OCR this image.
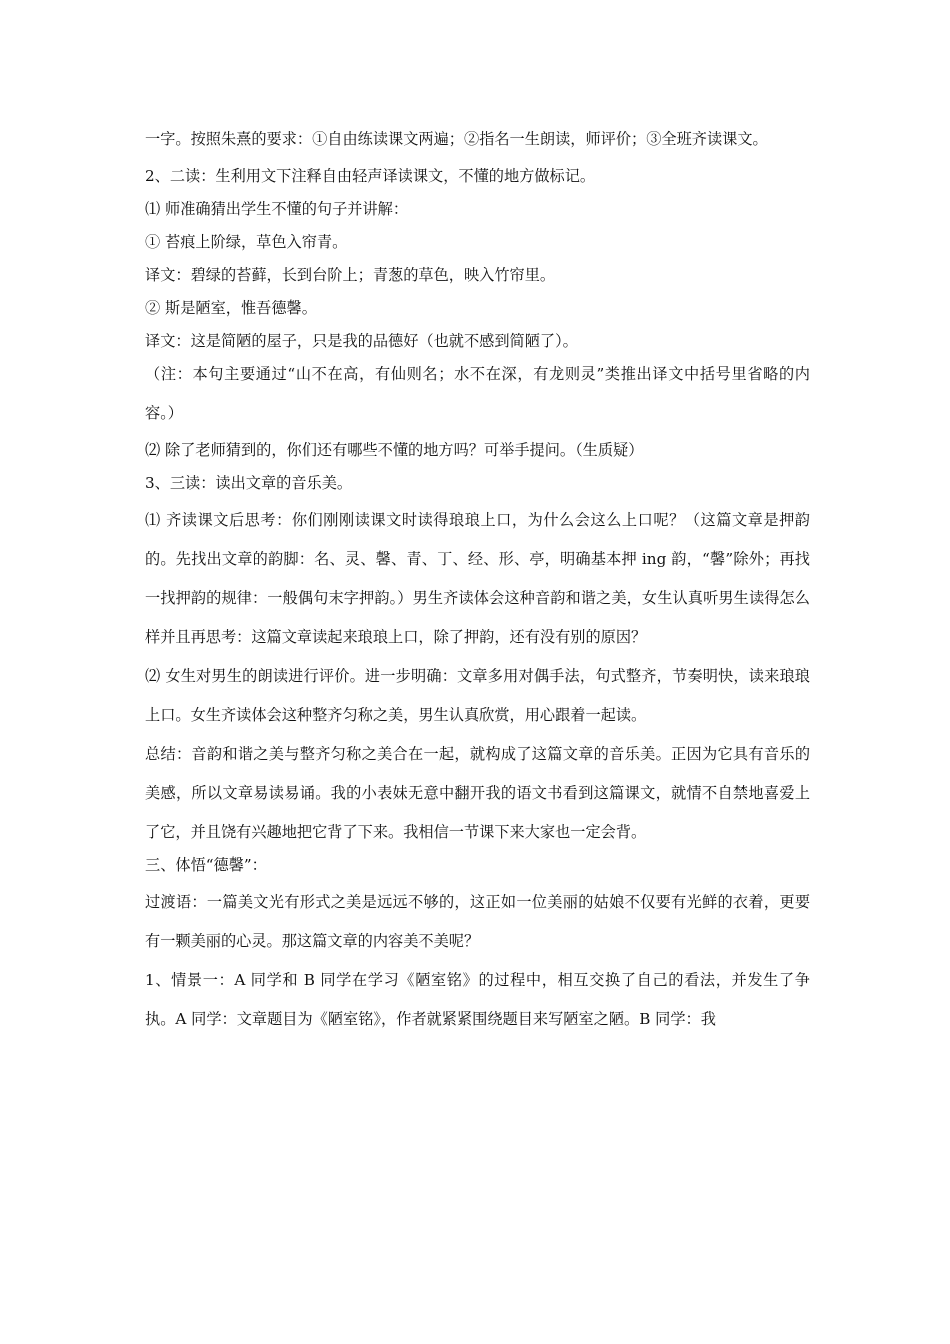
一字。按照朱熹的要求：①自由练读课文两遍；②指名一生朗读，师评价；③全班齐读课文。

2、二读：生利用文下注释自由轻声译读课文，不懂的地方做标记。

⑴ 师准确猜出学生不懂的句子并讲解：

① 苔痕上阶绿，草色入帘青。

译文：碧绿的苔藓，长到台阶上；青葱的草色，映入竹帘里。

② 斯是陋室，惟吾德馨。

译文：这是简陋的屋子，只是我的品德好（也就不感到简陋了）。

（注：本句主要通过“山不在高，有仙则名；水不在深，有龙则灵”类推出译文中括号里省略的内容。）

⑵ 除了老师猜到的，你们还有哪些不懂的地方吗？可举手提问。（生质疑）

3、三读：读出文章的音乐美。

⑴ 齐读课文后思考：你们刚刚读课文时读得琅琅上口，为什么会这么上口呢？（这篇文章是押韵的。先找出文章的韵脚：名、灵、馨、青、丁、经、形、亭，明确基本押 ing 韵，“馨”除外；再找一找押韵的规律：一般偶句末字押韵。）男生齐读体会这种音韵和谐之美，女生认真听男生读得怎么样并且再思考：这篇文章读起来琅琅上口，除了押韵，还有没有别的原因？

⑵ 女生对男生的朗读进行评价。进一步明确：文章多用对偶手法，句式整齐，节奏明快，读来琅琅上口。女生齐读体会这种整齐匀称之美，男生认真欣赏，用心跟着一起读。

总结：音韵和谐之美与整齐匀称之美合在一起，就构成了这篇文章的音乐美。正因为它具有音乐的美感，所以文章易读易诵。我的小表妹无意中翻开我的语文书看到这篇课文，就情不自禁地喜爱上了它，并且饶有兴趣地把它背了下来。我相信一节课下来大家也一定会背。

三、体悟“德馨”：

过渡语：一篇美文光有形式之美是远远不够的，这正如一位美丽的姑娘不仅要有光鲜的衣着，更要有一颗美丽的心灵。那这篇文章的内容美不美呢？

1、情景一：A 同学和 B 同学在学习《陋室铭》的过程中，相互交换了自己的看法，并发生了争执。A 同学：文章题目为《陋室铭》，作者就紧紧围绕题目来写陋室之陋。B 同学：我
